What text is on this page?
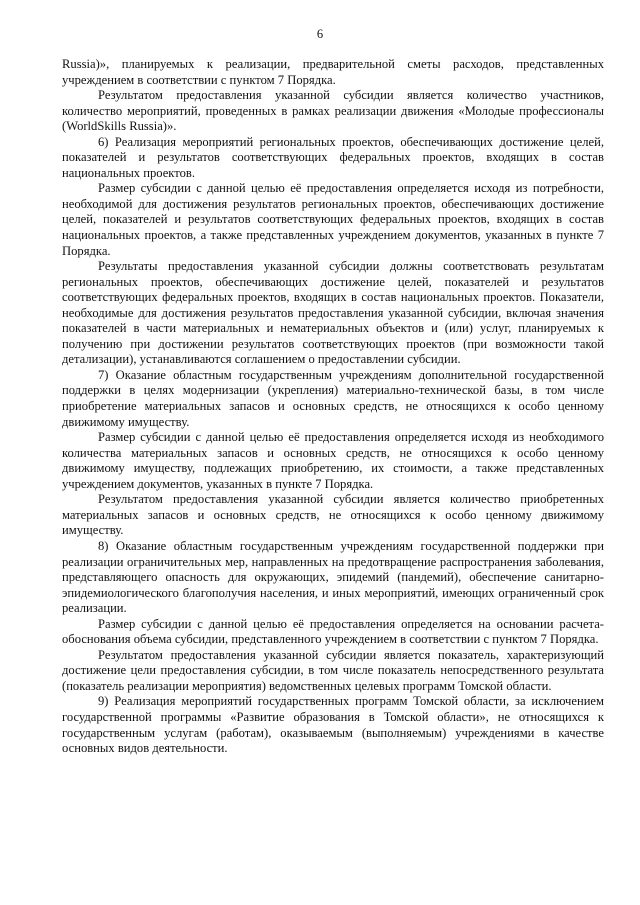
6

Russia)», планируемых к реализации, предварительной сметы расходов, представленных учреждением в соответствии с пунктом 7 Порядка.

Результатом предоставления указанной субсидии является количество участников, количество мероприятий, проведенных в рамках реализации движения «Молодые профессионалы (WorldSkills Russia)».

6) Реализация мероприятий региональных проектов, обеспечивающих достижение целей, показателей и результатов соответствующих федеральных проектов, входящих в состав национальных проектов.

Размер субсидии с данной целью её предоставления определяется исходя из потребности, необходимой для достижения результатов региональных проектов, обеспечивающих достижение целей, показателей и результатов соответствующих федеральных проектов, входящих в состав национальных проектов, а также представленных учреждением документов, указанных в пункте 7 Порядка.

Результаты предоставления указанной субсидии должны соответствовать результатам региональных проектов, обеспечивающих достижение целей, показателей и результатов соответствующих федеральных проектов, входящих в состав национальных проектов. Показатели, необходимые для достижения результатов предоставления указанной субсидии, включая значения показателей в части материальных и нематериальных объектов и (или) услуг, планируемых к получению при достижении результатов соответствующих проектов (при возможности такой детализации), устанавливаются соглашением о предоставлении субсидии.

7) Оказание областным государственным учреждениям дополнительной государственной поддержки в целях модернизации (укрепления) материально-технической базы, в том числе приобретение материальных запасов и основных средств, не относящихся к особо ценному движимому имуществу.

Размер субсидии с данной целью её предоставления определяется исходя из необходимого количества материальных запасов и основных средств, не относящихся к особо ценному движимому имуществу, подлежащих приобретению, их стоимости, а также представленных учреждением документов, указанных в пункте 7 Порядка.

Результатом предоставления указанной субсидии является количество приобретенных материальных запасов и основных средств, не относящихся к особо ценному движимому имуществу.

8) Оказание областным государственным учреждениям государственной поддержки при реализации ограничительных мер, направленных на предотвращение распространения заболевания, представляющего опасность для окружающих, эпидемий (пандемий), обеспечение санитарно-эпидемиологического благополучия населения, и иных мероприятий, имеющих ограниченный срок реализации.

Размер субсидии с данной целью её предоставления определяется на основании расчета-обоснования объема субсидии, представленного учреждением в соответствии с пунктом 7 Порядка.

Результатом предоставления указанной субсидии является показатель, характеризующий достижение цели предоставления субсидии, в том числе показатель непосредственного результата (показатель реализации мероприятия) ведомственных целевых программ Томской области.

9) Реализация мероприятий государственных программ Томской области, за исключением государственной программы «Развитие образования в Томской области», не относящихся к государственным услугам (работам), оказываемым (выполняемым) учреждениями в качестве основных видов деятельности.
